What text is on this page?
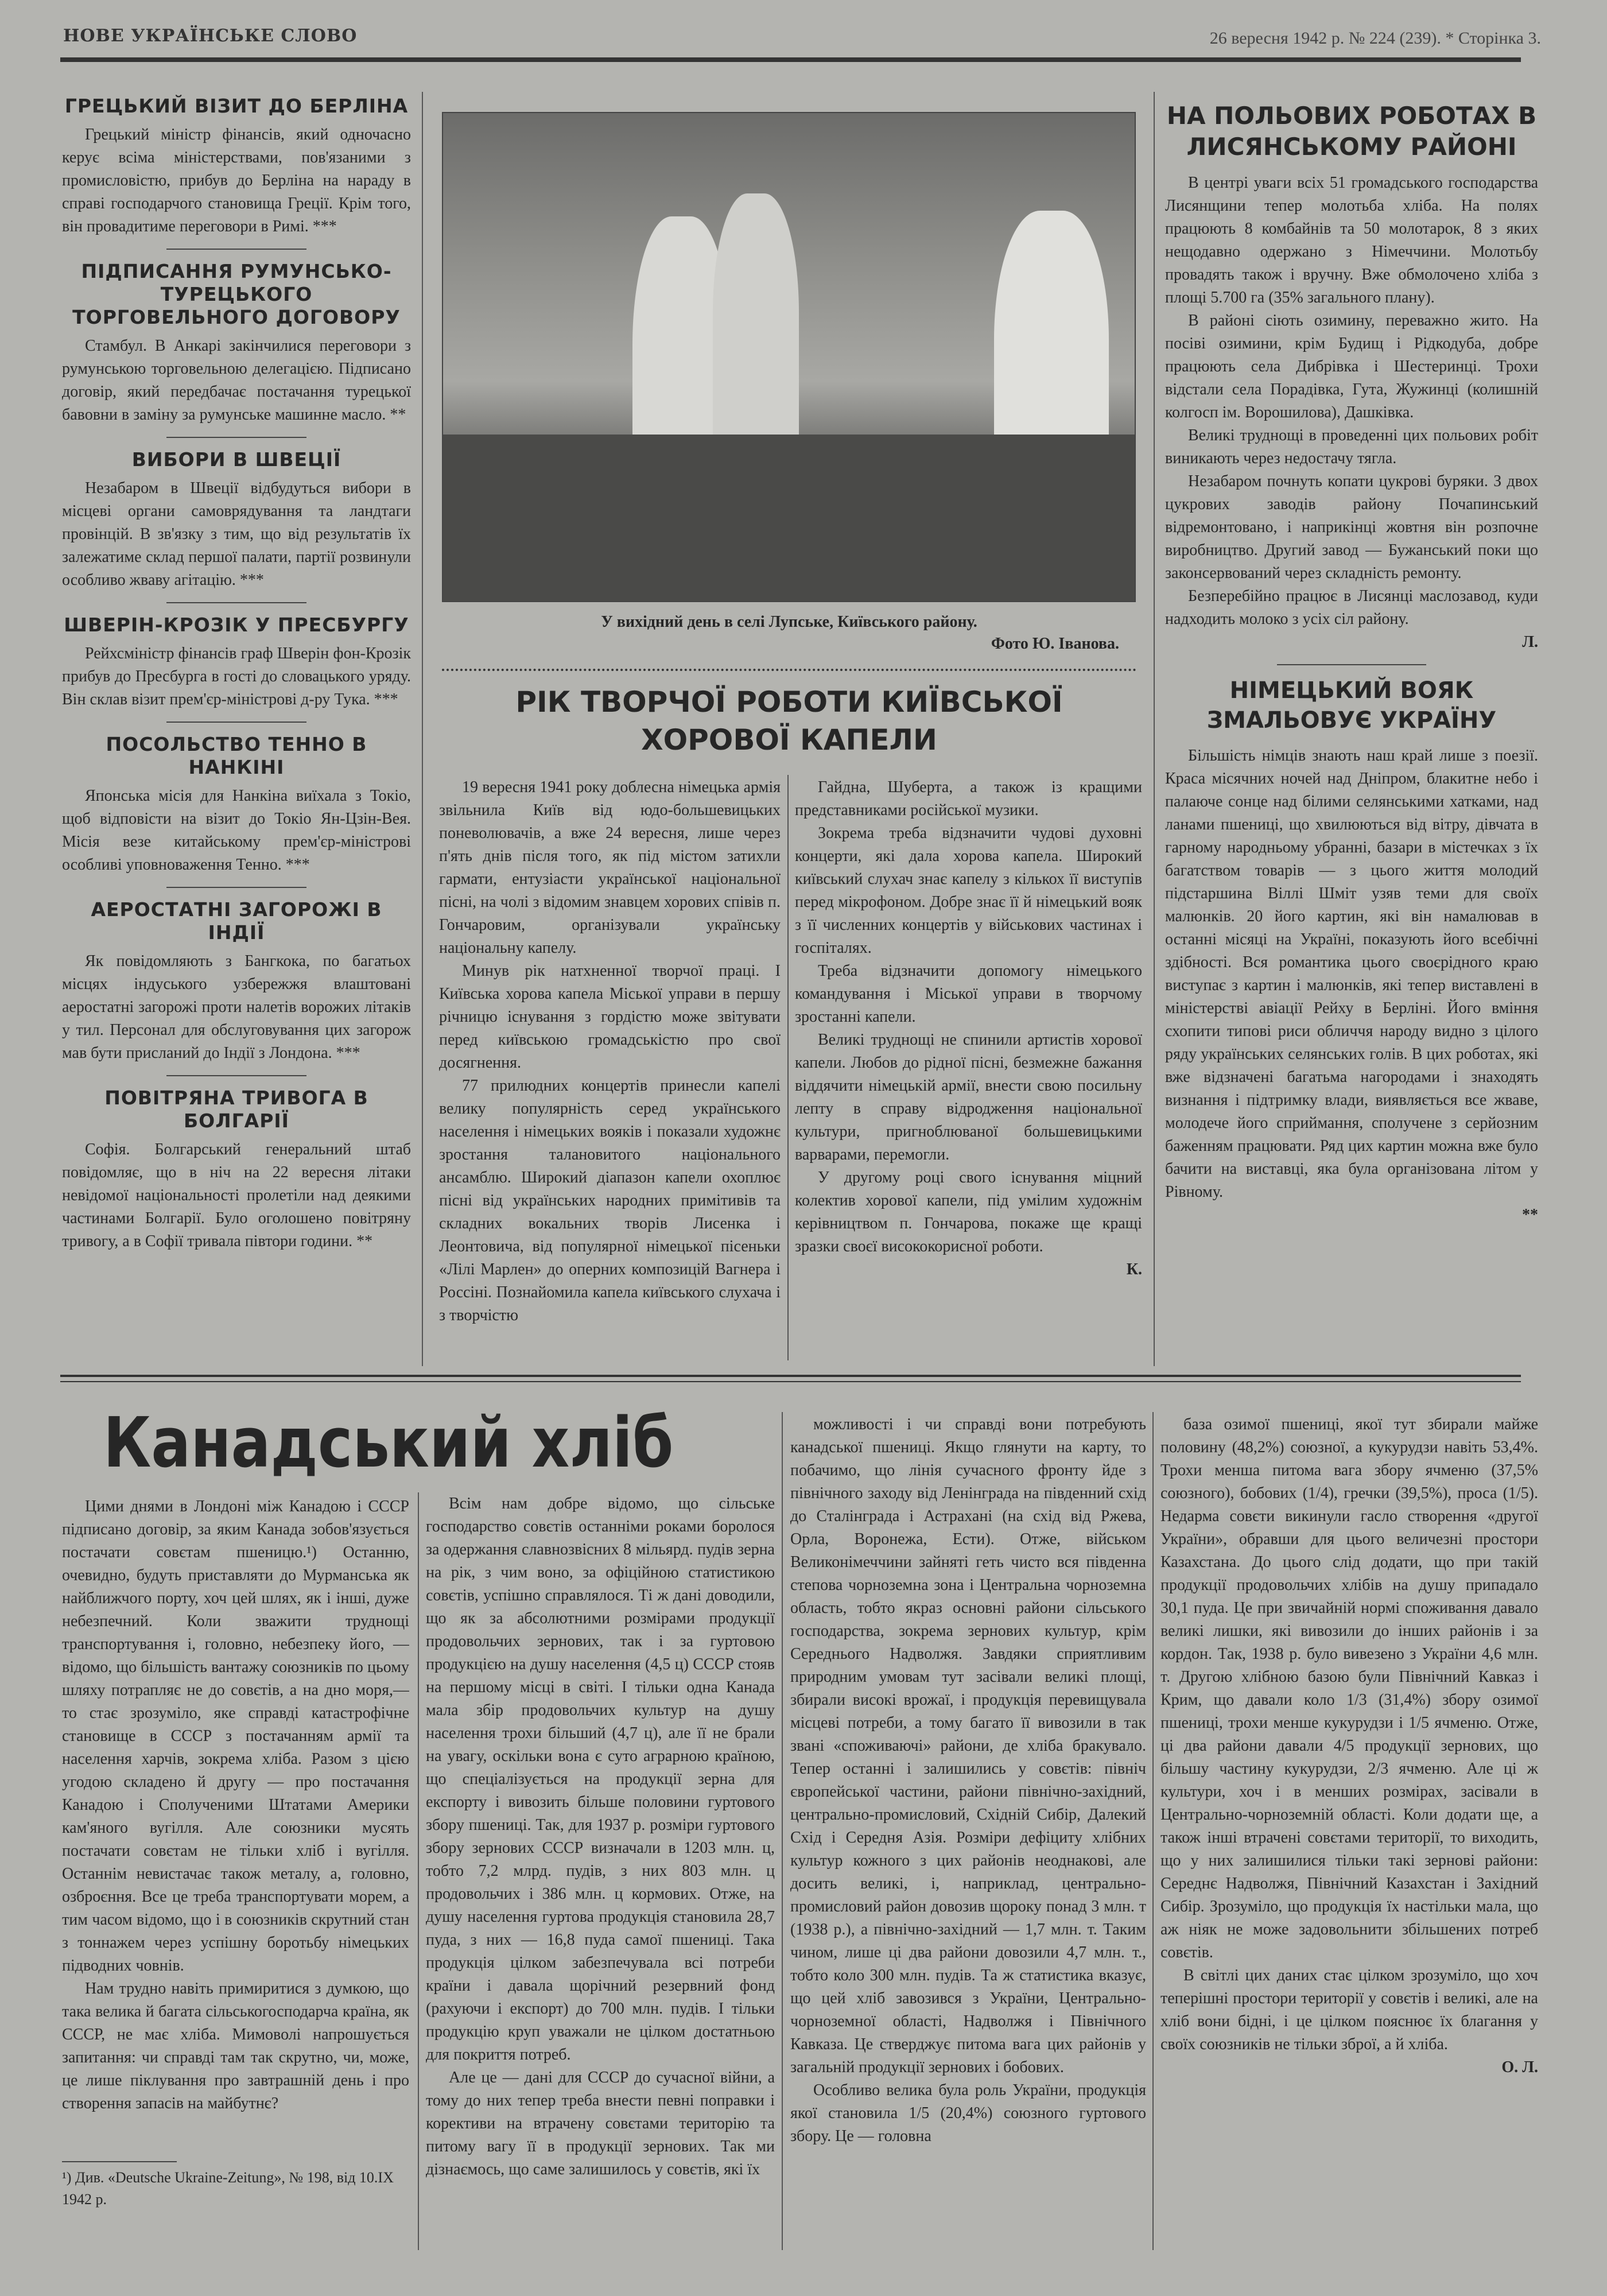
НОВЕ УКРАЇНСЬКЕ СЛОВО	26 вересня 1942 р. № 224 (239). * Сторінка 3.
ГРЕЦЬКИЙ ВІЗИТ ДО БЕРЛІНА

Грецький міністр фінансів, який одночасно керує всіма міністерствами, пов'язаними з промисловістю, прибув до Берліна на нараду в справі господарчого становища Греції. Крім того, він провадитиме переговори в Римі. ***

ПІДПИСАННЯ РУМУНСЬКО-ТУРЕЦЬКОГО ТОРГОВЕЛЬНОГО ДОГОВОРУ

Стамбул. В Анкарі закінчилися переговори з румунською торговельною делегацією. Підписано договір, який передбачає постачання турецької бавовни в заміну за румунське машинне масло. **

ВИБОРИ В ШВЕЦІЇ

Незабаром в Швеції відбудуться вибори в місцеві органи самоврядування та ландтаги провінцій. В зв'язку з тим, що від результатів їх залежатиме склад першої палати, партії розвинули особливо жваву агітацію. ***

ШВЕРІН-КРОЗІК У ПРЕСБУРГУ

Рейхсміністр фінансів граф Шверін фон-Крозік прибув до Пресбурга в гості до словацького уряду. Він склав візит прем'єр-міністрові д-ру Тука. ***

ПОСОЛЬСТВО ТЕННО В НАНКІНІ

Японська місія для Нанкіна виїхала з Токіо, щоб відповісти на візит до Токіо Ян-Цзін-Вея. Місія везе китайському прем'єр-міністрові особливі уповноваження Тенно. ***

АЕРОСТАТНІ ЗАГОРОЖІ В ІНДІЇ

Як повідомляють з Бангкока, по багатьох місцях індуського узбережжя влаштовані аеростатні загорожі проти налетів ворожих літаків у тил. Персонал для обслуговування цих загорож мав бути присланий до Індії з Лондона. ***

ПОВІТРЯНА ТРИВОГА В БОЛГАРІЇ

Софія. Болгарський генеральний штаб повідомляє, що в ніч на 22 вересня літаки невідомої національності пролетіли над деякими частинами Болгарії. Було оголошено повітряну тривогу, а в Софії тривала півтори години. **

У вихідний день в селі Лупське, Київського району.
Фото Ю. Іванова.
РІК ТВОРЧОЇ РОБОТИ КИЇВСЬКОЇ
ХОРОВОЇ КАПЕЛИ

19 вересня 1941 року доблесна німецька армія звільнила Київ від юдо-большевицьких поневолювачів, а вже 24 вересня, лише через п'ять днів після того, як під містом затихли гармати, ентузіасти української національної пісні, на чолі з відомим знавцем хорових співів п. Гончаровим, організували українську національну капелу.

Минув рік натхненної творчої праці. І Київська хорова капела Міської управи в першу річницю існування з гордістю може звітувати перед київською громадськістю про свої досягнення.

77 прилюдних концертів принесли капелі велику популярність серед українського населення і німецьких вояків і показали художнє зростання талановитого національного ансамблю. Широкий діапазон капели охоплює пісні від українських народних примітивів та складних вокальних творів Лисенка і Леонтовича, від популярної німецької пісеньки «Лілі Марлен» до оперних композицій Вагнера і Россіні. Познайомила капела київського слухача і з творчістю

Гайдна, Шуберта, а також із кращими представниками російської музики.

Зокрема треба відзначити чудові духовні концерти, які дала хорова капела. Широкий київський слухач знає капелу з кількох її виступів перед мікрофоном. Добре знає її й німецький вояк з її численних концертів у військових частинах і госпіталях.

Треба відзначити допомогу німецького командування і Міської управи в творчому зростанні капели.

Великі труднощі не спинили артистів хорової капели. Любов до рідної пісні, безмежне бажання віддячити німецькій армії, внести свою посильну лепту в справу відродження національної культури, пригноблюваної большевицькими варварами, перемогли.

У другому році свого існування міцний колектив хорової капели, під умілим художнім керівництвом п. Гончарова, покаже ще кращі зразки своєї висококорисної роботи.

К.

НА ПОЛЬОВИХ РОБОТАХ В ЛИСЯНСЬКОМУ РАЙОНІ

В центрі уваги всіх 51 громадського господарства Лисянщини тепер молотьба хліба. На полях працюють 8 комбайнів та 50 молотарок, 8 з яких нещодавно одержано з Німеччини. Молотьбу провадять також і вручну. Вже обмолочено хліба з площі 5.700 га (35% загального плану).

В районі сіють озимину, переважно жито. На посіві озимини, крім Будищ і Рідкодуба, добре працюють села Дибрівка і Шестеринці. Трохи відстали села Порадівка, Гута, Жужинці (колишній колгосп ім. Ворошилова), Дашківка.

Великі труднощі в проведенні цих польових робіт виникають через недостачу тягла.

Незабаром почнуть копати цукрові буряки. З двох цукрових заводів району Почапинський відремонтовано, і наприкінці жовтня він розпочне виробництво. Другий завод — Бужанський поки що законсервований через складність ремонту.

Безперебійно працює в Лисянці маслозавод, куди надходить молоко з усіх сіл району.

Л.

НІМЕЦЬКИЙ ВОЯК ЗМАЛЬОВУЄ УКРАЇНУ

Більшість німців знають наш край лише з поезії. Краса місячних ночей над Дніпром, блакитне небо і палаюче сонце над білими селянськими хатками, над ланами пшениці, що хвилюються від вітру, дівчата в гарному народньому убранні, базари в містечках з їх багатством товарів — з цього життя молодий підстаршина Віллі Шміт узяв теми для своїх малюнків. 20 його картин, які він намалював в останні місяці на Україні, показують його всебічні здібності. Вся романтика цього своєрідного краю виступає з картин і малюнків, які тепер виставлені в міністерстві авіації Рейху в Берліні. Його вміння схопити типові риси обличчя народу видно з цілого ряду українських селянських голів. В цих роботах, які вже відзначені багатьма нагородами і знаходять визнання і підтримку влади, виявляється все жваве, молодече його сприймання, сполучене з серйозним баженням працювати. Ряд цих картин можна вже було бачити на виставці, яка була організована літом у Рівному.

**

Канадський хліб

Цими днями в Лондоні між Канадою і СССР підписано договір, за яким Канада зобов'язується постачати совєтам пшеницю.¹) Останню, очевидно, будуть приставляти до Мурманська як найближчого порту, хоч цей шлях, як і інші, дуже небезпечний. Коли зважити труднощі транспортування і, головно, небезпеку його, — відомо, що більшість вантажу союзників по цьому шляху потрапляє не до совєтів, а на дно моря,— то стає зрозуміло, яке справді катастрофічне становище в СССР з постачанням армії та населення харчів, зокрема хліба. Разом з цією угодою складено й другу — про постачання Канадою і Сполученими Штатами Америки кам'яного вугілля. Але союзники мусять постачати совєтам не тільки хліб і вугілля. Останнім невистачає також металу, а, головно, озброєння. Все це треба транспортувати морем, а тим часом відомо, що і в союзників скрутний стан з тоннажем через успішну боротьбу німецьких підводних човнів.

Нам трудно навіть примиритися з думкою, що така велика й багата сільськогосподарча країна, як СССР, не має хліба. Мимоволі напрошується запитання: чи справді там так скрутно, чи, може, це лише піклування про завтрашній день і про створення запасів на майбутнє?

¹) Див. «Deutsche Ukraine-Zeitung», № 198, від 10.IX 1942 р.

Всім нам добре відомо, що сільське господарство совєтів останніми роками боролося за одержання славнозвісних 8 мільярд. пудів зерна на рік, з чим воно, за офіційною статистикою совєтів, успішно справлялося. Ті ж дані доводили, що як за абсолютними розмірами продукції продовольчих зернових, так і за гуртовою продукцією на душу населення (4,5 ц) СССР стояв на першому місці в світі. І тільки одна Канада мала збір продовольчих культур на душу населення трохи більший (4,7 ц), але її не брали на увагу, оскільки вона є суто аграрною країною, що спеціалізується на продукції зерна для експорту і вивозить більше половини гуртового збору пшениці. Так, для 1937 р. розміри гуртового збору зернових СССР визначали в 1203 млн. ц, тобто 7,2 млрд. пудів, з них 803 млн. ц продовольчих і 386 млн. ц кормових. Отже, на душу населення гуртова продукція становила 28,7 пуда, з них — 16,8 пуда самої пшениці. Така продукція цілком забезпечувала всі потреби країни і давала щорічний резервний фонд (рахуючи і експорт) до 700 млн. пудів. І тільки продукцію круп уважали не цілком достатньою для покриття потреб.

Але це — дані для СССР до сучасної війни, а тому до них тепер треба внести певні поправки і корективи на втрачену совєтами територію та питому вагу її в продукції зернових. Так ми дізнаємось, що саме залишилось у совєтів, які їх

можливості і чи справді вони потребують канадської пшениці. Якщо глянути на карту, то побачимо, що лінія сучасного фронту йде з північного заходу від Ленінграда на південний схід до Сталінграда і Астрахані (на схід від Ржева, Орла, Воронежа, Ести). Отже, військом Великонімеччини зайняті геть чисто вся південна степова чорноземна зона і Центральна чорноземна область, тобто якраз основні райони сільського господарства, зокрема зернових культур, крім Середнього Надволжя. Завдяки сприятливим природним умовам тут засівали великі площі, збирали високі врожаї, і продукція перевищувала місцеві потреби, а тому багато її вивозили в так звані «споживаючі» райони, де хліба бракувало. Тепер останні і залишились у совєтів: північ європейської частини, райони північно-західний, центрально-промисловий, Східній Сибір, Далекий Схід і Середня Азія. Розміри дефіциту хлібних культур кожного з цих районів неоднакові, але досить великі, і, наприклад, центрально-промисловий район довозив щороку понад 3 млн. т (1938 р.), а північно-західний — 1,7 млн. т. Таким чином, лише ці два райони довозили 4,7 млн. т., тобто коло 300 млн. пудів. Та ж статистика вказує, що цей хліб завозився з України, Центрально-чорноземної області, Надволжя і Північного Кавказа. Це стверджує питома вага цих районів у загальній продукції зернових і бобових.

Особливо велика була роль України, продукція якої становила 1/5 (20,4%) союзного гуртового збору. Це — головна

база озимої пшениці, якої тут збирали майже половину (48,2%) союзної, а кукурудзи навіть 53,4%. Трохи менша питома вага збору ячменю (37,5% союзного), бобових (1/4), гречки (39,5%), проса (1/5). Недарма совєти викинули гасло створення «другої України», обравши для цього величезні простори Казахстана. До цього слід додати, що при такій продукції продовольчих хлібів на душу припадало 30,1 пуда. Це при звичайній нормі споживання давало великі лишки, які вивозили до інших районів і за кордон. Так, 1938 р. було вивезено з України 4,6 млн. т. Другою хлібною базою були Північний Кавказ і Крим, що давали коло 1/3 (31,4%) збору озимої пшениці, трохи менше кукурудзи і 1/5 ячменю. Отже, ці два райони давали 4/5 продукції зернових, що більшу частину кукурудзи, 2/3 ячменю. Але ці ж культури, хоч і в менших розмірах, засівали в Центрально-чорноземній області. Коли додати ще, а також інші втрачені совєтами території, то виходить, що у них залишилися тільки такі зернові райони: Середнє Надволжя, Північний Казахстан і Західний Сибір. Зрозуміло, що продукція їх настільки мала, що аж ніяк не може задовольнити збільшених потреб совєтів.

В світлі цих даних стає цілком зрозуміло, що хоч теперішні простори території у совєтів і великі, але на хліб вони бідні, і це цілком пояснює їх благання у своїх союзників не тільки зброї, а й хліба.

О. Л.
